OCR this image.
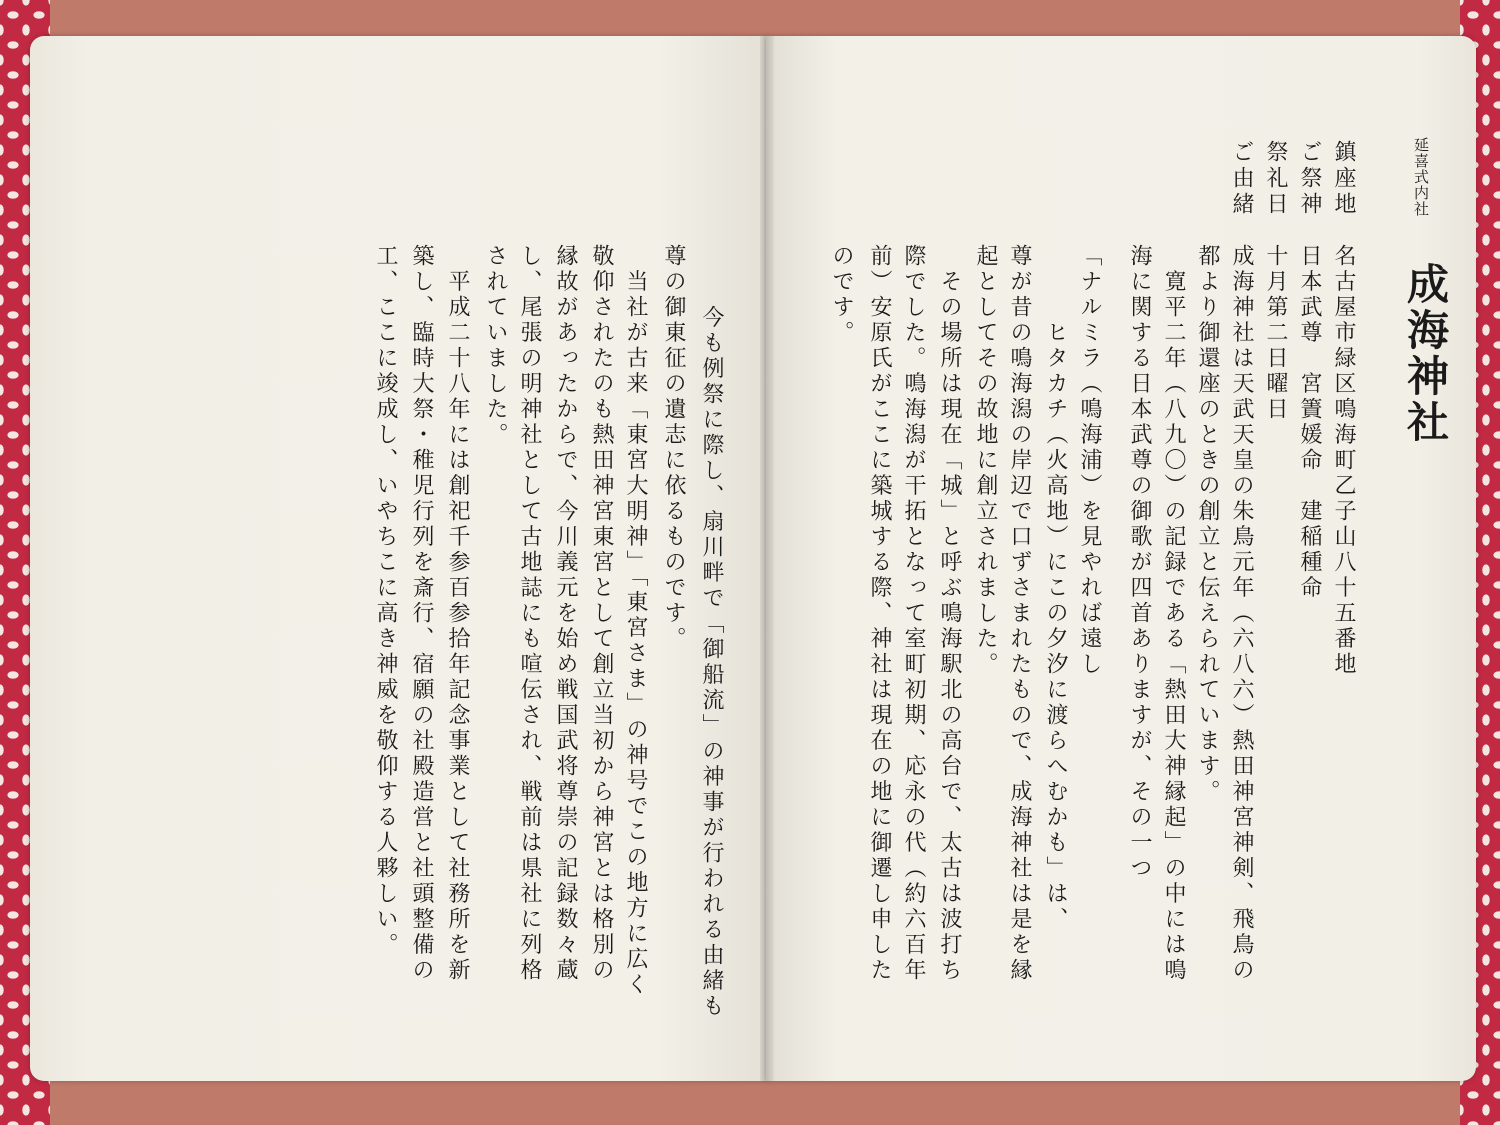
延喜式内社
成海神社
鎮座地
ご祭神
祭礼日
ご由緒
名古屋市緑区鳴海町乙子山八十五番地
日本武尊　宮簀媛命　建稲種命
十月第二日曜日
成海神社は天武天皇の朱鳥元年（六八六）熱田神宮神剣、飛鳥の
都より御還座のときの創立と伝えられています。
　寛平二年（八九〇）の記録である「熱田大神縁起」の中には鳴
海に関する日本武尊の御歌が四首ありますが、その一つ
「ナルミラ（鳴海浦）を見やれば遠し
　　　ヒタカチ（火高地）にこの夕汐に渡らへむかも」は、
尊が昔の鳴海潟の岸辺で口ずさまれたもので、成海神社は是を縁
起としてその故地に創立されました。
　その場所は現在「城」と呼ぶ鳴海駅北の高台で、太古は波打ち
際でした。鳴海潟が干拓となって室町初期、応永の代（約六百年
前）安原氏がここに築城する際、神社は現在の地に御遷し申した
のです。
　今も例祭に際し、扇川畔で「御船流」の神事が行われる由緒も
尊の御東征の遺志に依るものです。
　当社が古来「東宮大明神」「東宮さま」の神号でこの地方に広く
敬仰されたのも熱田神宮東宮として創立当初から神宮とは格別の
縁故があったからで、今川義元を始め戦国武将尊崇の記録数々蔵
し、尾張の明神社として古地誌にも喧伝され、戦前は県社に列格
されていました。
　平成二十八年には創祀千参百参拾年記念事業として社務所を新
築し、臨時大祭・稚児行列を斎行、宿願の社殿造営と社頭整備の
工、ここに竣成し、いやちこに高き神威を敬仰する人夥しい。
